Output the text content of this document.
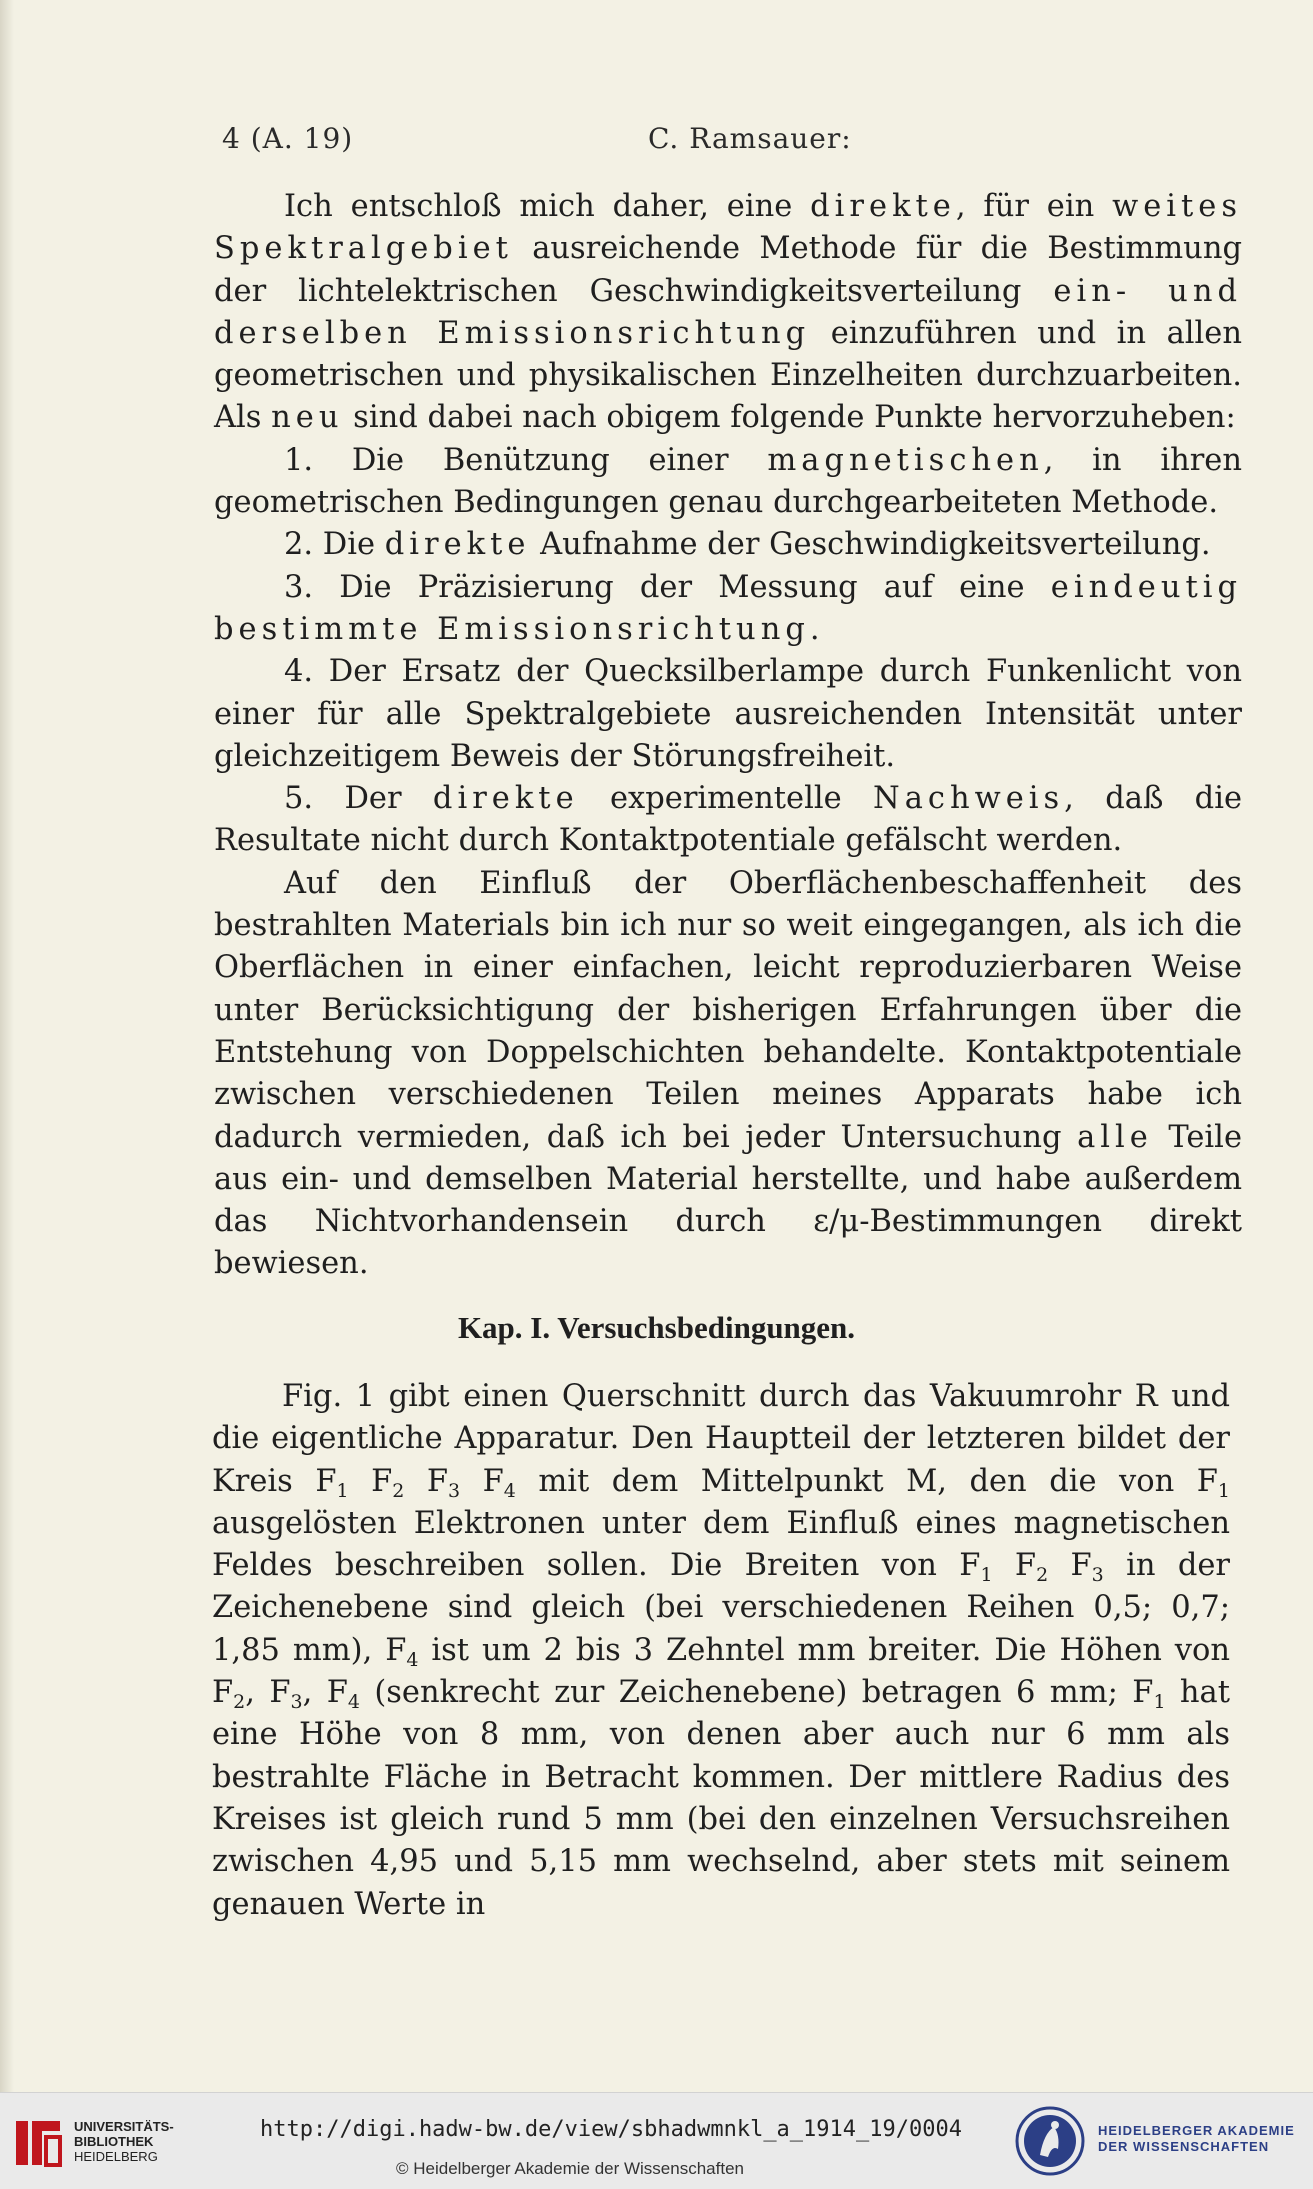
4 (A. 19)	C. Ramsauer:

Ich entschloß mich daher, eine direkte, für ein weites Spektralgebiet ausreichende Methode für die Bestimmung der lichtelektrischen Geschwindigkeitsverteilung ein- und derselben Emissionsrichtung einzuführen und in allen geometrischen und physikalischen Einzelheiten durchzuarbeiten. Als neu sind dabei nach obigem folgende Punkte hervorzuheben:

1. Die Benützung einer magnetischen, in ihren geometrischen Bedingungen genau durchgearbeiteten Methode.

2. Die direkte Aufnahme der Geschwindigkeitsverteilung.

3. Die Präzisierung der Messung auf eine eindeutig bestimmte Emissionsrichtung.

4. Der Ersatz der Quecksilberlampe durch Funkenlicht von einer für alle Spektralgebiete ausreichenden Intensität unter gleichzeitigem Beweis der Störungsfreiheit.

5. Der direkte experimentelle Nachweis, daß die Resultate nicht durch Kontaktpotentiale gefälscht werden.

Auf den Einfluß der Oberflächenbeschaffenheit des bestrahlten Materials bin ich nur so weit eingegangen, als ich die Oberflächen in einer einfachen, leicht reproduzierbaren Weise unter Berücksichtigung der bisherigen Erfahrungen über die Entstehung von Doppelschichten behandelte. Kontaktpotentiale zwischen verschiedenen Teilen meines Apparats habe ich dadurch vermieden, daß ich bei jeder Untersuchung alle Teile aus ein- und demselben Material herstellte, und habe außerdem das Nichtvorhandensein durch ε/μ-Bestimmungen direkt bewiesen.

Kap. I. Versuchsbedingungen.

Fig. 1 gibt einen Querschnitt durch das Vakuumrohr R und die eigentliche Apparatur. Den Hauptteil der letzteren bildet der Kreis $F_1$ $F_2$ $F_3$ $F_4$ mit dem Mittelpunkt M, den die von $F_1$ ausgelösten Elektronen unter dem Einfluß eines magnetischen Feldes beschreiben sollen. Die Breiten von $F_1$ $F_2$ $F_3$ in der Zeichenebene sind gleich (bei verschiedenen Reihen 0,5; 0,7; 1,85 mm), $F_4$ ist um 2 bis 3 Zehntel mm breiter. Die Höhen von $F_2$, $F_3$, $F_4$ (senkrecht zur Zeichenebene) betragen 6 mm; $F_1$ hat eine Höhe von 8 mm, von denen aber auch nur 6 mm als bestrahlte Fläche in Betracht kommen. Der mittlere Radius des Kreises ist gleich rund 5 mm (bei den einzelnen Versuchsreihen zwischen 4,95 und 5,15 mm wechselnd, aber stets mit seinem genauen Werte in

UNIVERSITÄTS-
BIBLIOTHEK
HEIDELBERG
http://digi.hadw-bw.de/view/sbhadwmnkl_a_1914_19/0004
© Heidelberger Akademie der Wissenschaften
HEIDELBERGER AKADEMIE
DER WISSENSCHAFTEN
